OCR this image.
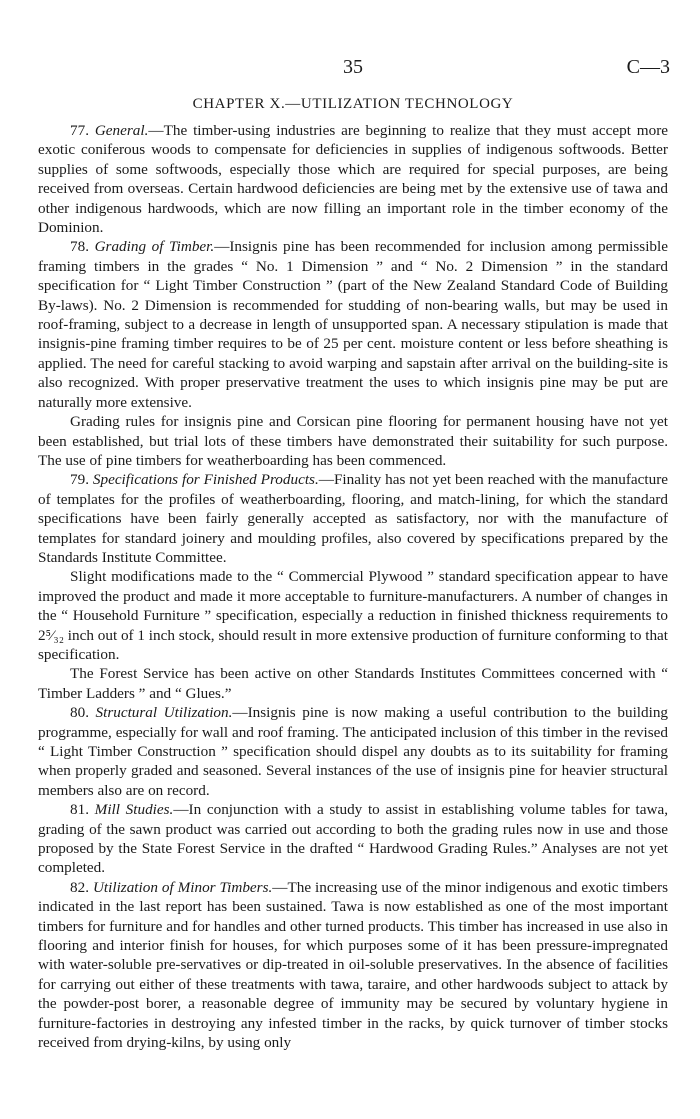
35	C—3
CHAPTER X.—UTILIZATION TECHNOLOGY

77. General.—The timber-using industries are beginning to realize that they must accept more exotic coniferous woods to compensate for deficiencies in supplies of indigenous softwoods. Better supplies of some softwoods, especially those which are required for special purposes, are being received from overseas. Certain hardwood deficiencies are being met by the extensive use of tawa and other indigenous hardwoods, which are now filling an important role in the timber economy of the Dominion.

78. Grading of Timber.—Insignis pine has been recommended for inclusion among permissible framing timbers in the grades “ No. 1 Dimension ” and “ No. 2 Dimension ” in the standard specification for “ Light Timber Construction ” (part of the New Zealand Standard Code of Building By-laws). No. 2 Dimension is recommended for studding of non-bearing walls, but may be used in roof-framing, subject to a decrease in length of unsupported span. A necessary stipulation is made that insignis-pine framing timber requires to be of 25 per cent. moisture content or less before sheathing is applied. The need for careful stacking to avoid warping and sapstain after arrival on the building-site is also recognized. With proper preservative treatment the uses to which insignis pine may be put are naturally more extensive.

Grading rules for insignis pine and Corsican pine flooring for permanent housing have not yet been established, but trial lots of these timbers have demonstrated their suitability for such purpose. The use of pine timbers for weatherboarding has been commenced.

79. Specifications for Finished Products.—Finality has not yet been reached with the manufacture of templates for the profiles of weatherboarding, flooring, and match-lining, for which the standard specifications have been fairly generally accepted as satisfactory, nor with the manufacture of templates for standard joinery and moulding profiles, also covered by specifications prepared by the Standards Institute Committee.

Slight modifications made to the “ Commercial Plywood ” standard specification appear to have improved the product and made it more acceptable to furniture-manufacturers. A number of changes in the “ Household Furniture ” specification, especially a reduction in finished thickness requirements to 2⁵⁄₃₂ inch out of 1 inch stock, should result in more extensive production of furniture conforming to that specification.

The Forest Service has been active on other Standards Institutes Committees concerned with “ Timber Ladders ” and “ Glues.”

80. Structural Utilization.—Insignis pine is now making a useful contribution to the building programme, especially for wall and roof framing. The anticipated inclusion of this timber in the revised “ Light Timber Construction ” specification should dispel any doubts as to its suitability for framing when properly graded and seasoned. Several instances of the use of insignis pine for heavier structural members also are on record.

81. Mill Studies.—In conjunction with a study to assist in establishing volume tables for tawa, grading of the sawn product was carried out according to both the grading rules now in use and those proposed by the State Forest Service in the drafted “ Hardwood Grading Rules.” Analyses are not yet completed.

82. Utilization of Minor Timbers.—The increasing use of the minor indigenous and exotic timbers indicated in the last report has been sustained. Tawa is now established as one of the most important timbers for furniture and for handles and other turned products. This timber has increased in use also in flooring and interior finish for houses, for which purposes some of it has been pressure-impregnated with water-soluble pre-servatives or dip-treated in oil-soluble preservatives. In the absence of facilities for carrying out either of these treatments with tawa, taraire, and other hardwoods subject to attack by the powder-post borer, a reasonable degree of immunity may be secured by voluntary hygiene in furniture-factories in destroying any infested timber in the racks, by quick turnover of timber stocks received from drying-kilns, by using only
